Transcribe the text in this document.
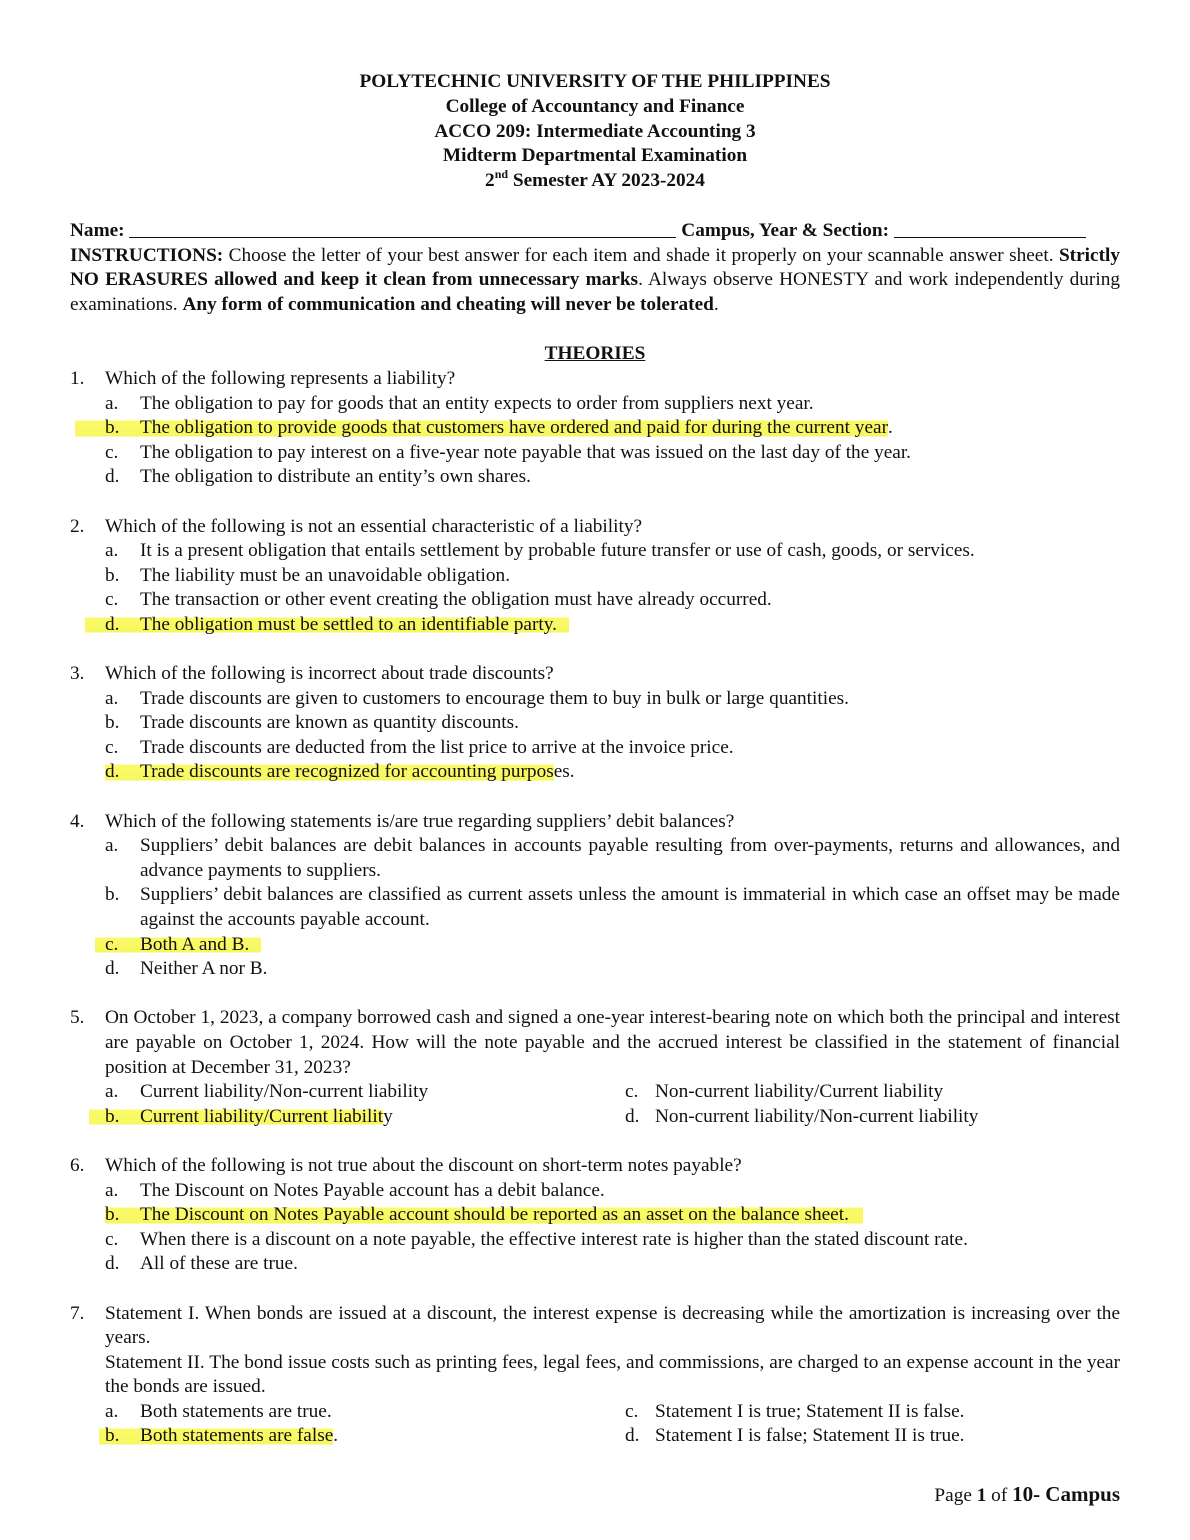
POLYTECHNIC UNIVERSITY OF THE PHILIPPINES
College of Accountancy and Finance
ACCO 209: Intermediate Accounting 3
Midterm Departmental Examination
2nd Semester AY 2023-2024
Name:	Campus, Year & Section:
INSTRUCTIONS: Choose the letter of your best answer for each item and shade it properly on your scannable answer sheet. Strictly NO ERASURES allowed and keep it clean from unnecessary marks. Always observe HONESTY and work independently during examinations. Any form of communication and cheating will never be tolerated.
THEORIES
1.	Which of the following represents a liability?
a.	The obligation to pay for goods that an entity expects to order from suppliers next year.
b. The obligation to provide goods that customers have ordered and paid for during the current year .
c.	The obligation to pay interest on a five-year note payable that was issued on the last day of the year.
d.	The obligation to distribute an entity’s own shares.
2.	Which of the following is not an essential characteristic of a liability?
a.	It is a present obligation that entails settlement by probable future transfer or use of cash, goods, or services.
b.	The liability must be an unavoidable obligation.
c.	The transaction or other event creating the obligation must have already occurred.
d. The obligation must be settled to an identifiable party.
3.	Which of the following is incorrect about trade discounts?
a.	Trade discounts are given to customers to encourage them to buy in bulk or large quantities.
b.	Trade discounts are known as quantity discounts.
c.	Trade discounts are deducted from the list price to arrive at the invoice price.
d. Trade discounts are recognized for accounting purpos es.
4.	Which of the following statements is/are true regarding suppliers’ debit balances?
a.	Suppliers’ debit balances are debit balances in accounts payable resulting from over-payments, returns and allowances, and advance payments to suppliers.
b.	Suppliers’ debit balances are classified as current assets unless the amount is immaterial in which case an offset may be made against the accounts payable account.
c. Both A and B.
d.	Neither A nor B.
5.	On October 1, 2023, a company borrowed cash and signed a one-year interest-bearing note on which both the principal and interest are payable on October 1, 2024. How will the note payable and the accrued interest be classified in the statement of financial position at December 31, 2023?
a.	Current liability/Non-current liability	c. Non-current liability/Current liability
b. Current liability/Current liabilit y	d. Non-current liability/Non-current liability
6.	Which of the following is not true about the discount on short-term notes payable?
a.	The Discount on Notes Payable account has a debit balance.
b. The Discount on Notes Payable account should be reported as an asset on the balance sheet.
c.	When there is a discount on a note payable, the effective interest rate is higher than the stated discount rate.
d.	All of these are true.
7.	Statement I. When bonds are issued at a discount, the interest expense is decreasing while the amortization is increasing over the years.
Statement II. The bond issue costs such as printing fees, legal fees, and commissions, are charged to an expense account in the year the bonds are issued.
a.	Both statements are true.	c. Statement I is true; Statement II is false.
b. Both statements are false .	d. Statement I is false; Statement II is true.
Page 1 of 10- Campus
